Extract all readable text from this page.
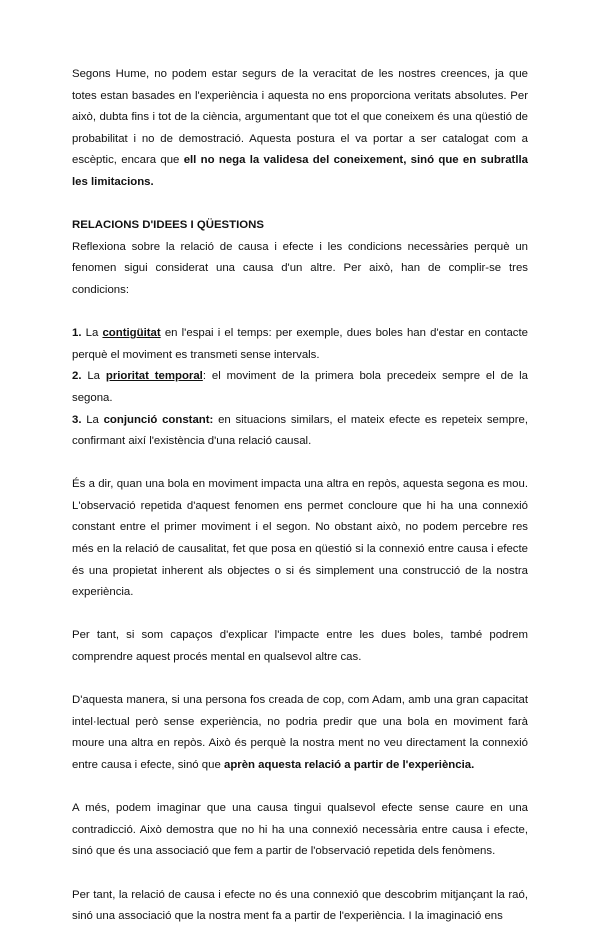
Segons Hume, no podem estar segurs de la veracitat de les nostres creences, ja que totes estan basades en l'experiència i aquesta no ens proporciona veritats absolutes. Per això, dubta fins i tot de la ciència, argumentant que tot el que coneixem és una qüestió de probabilitat i no de demostració. Aquesta postura el va portar a ser catalogat com a escèptic, encara que ell no nega la validesa del coneixement, sinó que en subratlla les limitacions.

RELACIONS D'IDEES I QÜESTIONS

Reflexiona sobre la relació de causa i efecte i les condicions necessàries perquè un fenomen sigui considerat una causa d'un altre. Per això, han de complir-se tres condicions:

1. La contigüitat en l'espai i el temps: per exemple, dues boles han d'estar en contacte perquè el moviment es transmeti sense intervals.

2. La prioritat temporal: el moviment de la primera bola precedeix sempre el de la segona.

3. La conjunció constant: en situacions similars, el mateix efecte es repeteix sempre, confirmant així l'existència d'una relació causal.

És a dir, quan una bola en moviment impacta una altra en repòs, aquesta segona es mou. L'observació repetida d'aquest fenomen ens permet concloure que hi ha una connexió constant entre el primer moviment i el segon. No obstant això, no podem percebre res més en la relació de causalitat, fet que posa en qüestió si la connexió entre causa i efecte és una propietat inherent als objectes o si és simplement una construcció de la nostra experiència.

Per tant, si som capaços d'explicar l'impacte entre les dues boles, també podrem comprendre aquest procés mental en qualsevol altre cas.

D'aquesta manera, si una persona fos creada de cop, com Adam, amb una gran capacitat intel·lectual però sense experiència, no podria predir que una bola en moviment farà moure una altra en repòs. Això és perquè la nostra ment no veu directament la connexió entre causa i efecte, sinó que aprèn aquesta relació a partir de l'experiència.

A més, podem imaginar que una causa tingui qualsevol efecte sense caure en una contradicció. Això demostra que no hi ha una connexió necessària entre causa i efecte, sinó que és una associació que fem a partir de l'observació repetida dels fenòmens.

Per tant, la relació de causa i efecte no és una connexió que descobrim mitjançant la raó, sinó una associació que la nostra ment fa a partir de l'experiència. I la imaginació ens
